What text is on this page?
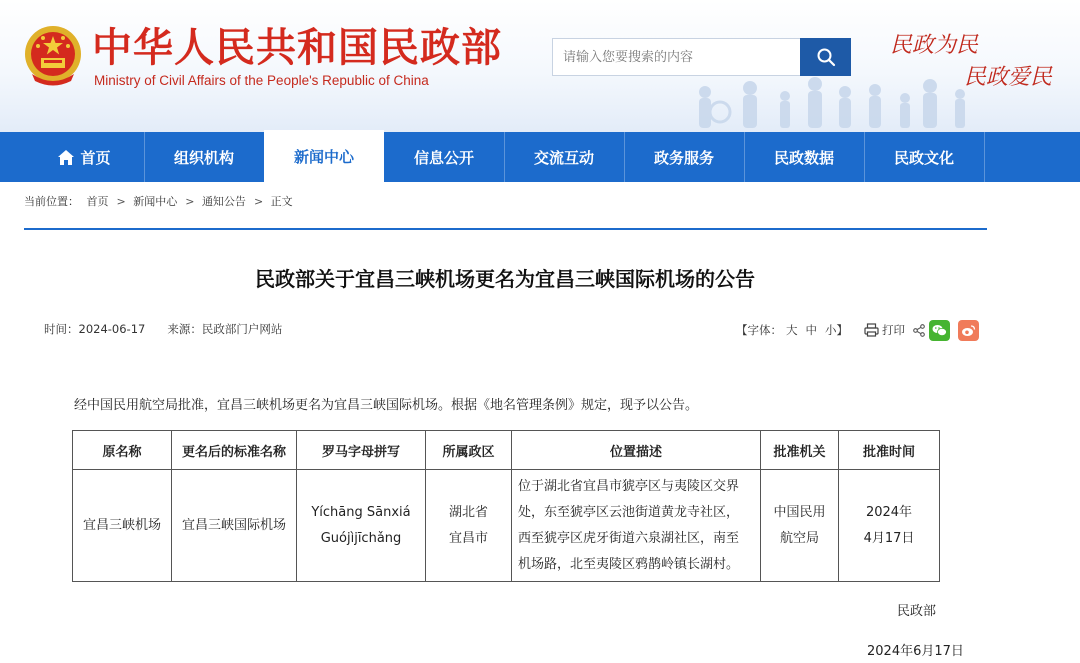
中华人民共和国民政部
Ministry of Civil Affairs of the People's Republic of China
请输入您要搜索的内容
民政为民
民政爱民
首页	组织机构	新闻中心	信息公开	交流互动	政务服务	民政数据	民政文化
当前位置： 首页 > 新闻中心 > 通知公告 > 正文
民政部关于宜昌三峡机场更名为宜昌三峡国际机场的公告
时间：2024-06-17 来源：民政部门户网站	【字体： 大 中 小】	打印
经中国民用航空局批准，宜昌三峡机场更名为宜昌三峡国际机场。根据《地名管理条例》规定，现予以公告。
原名称	更名后的标准名称	罗马字母拼写	所属政区	位置描述	批准机关	批准时间
宜昌三峡机场	宜昌三峡国际机场	Yíchāng Sānxiá
Guójìjīchǎng	湖北省
宜昌市	位于湖北省宜昌市猇亭区与夷陵区交界
处，东至猇亭区云池街道黄龙寺社区，
西至猇亭区虎牙街道六泉湖社区，南至
机场路，北至夷陵区鸦鹊岭镇长湖村。	中国民用
航空局	2024年
4月17日
民政部
2024年6月17日
